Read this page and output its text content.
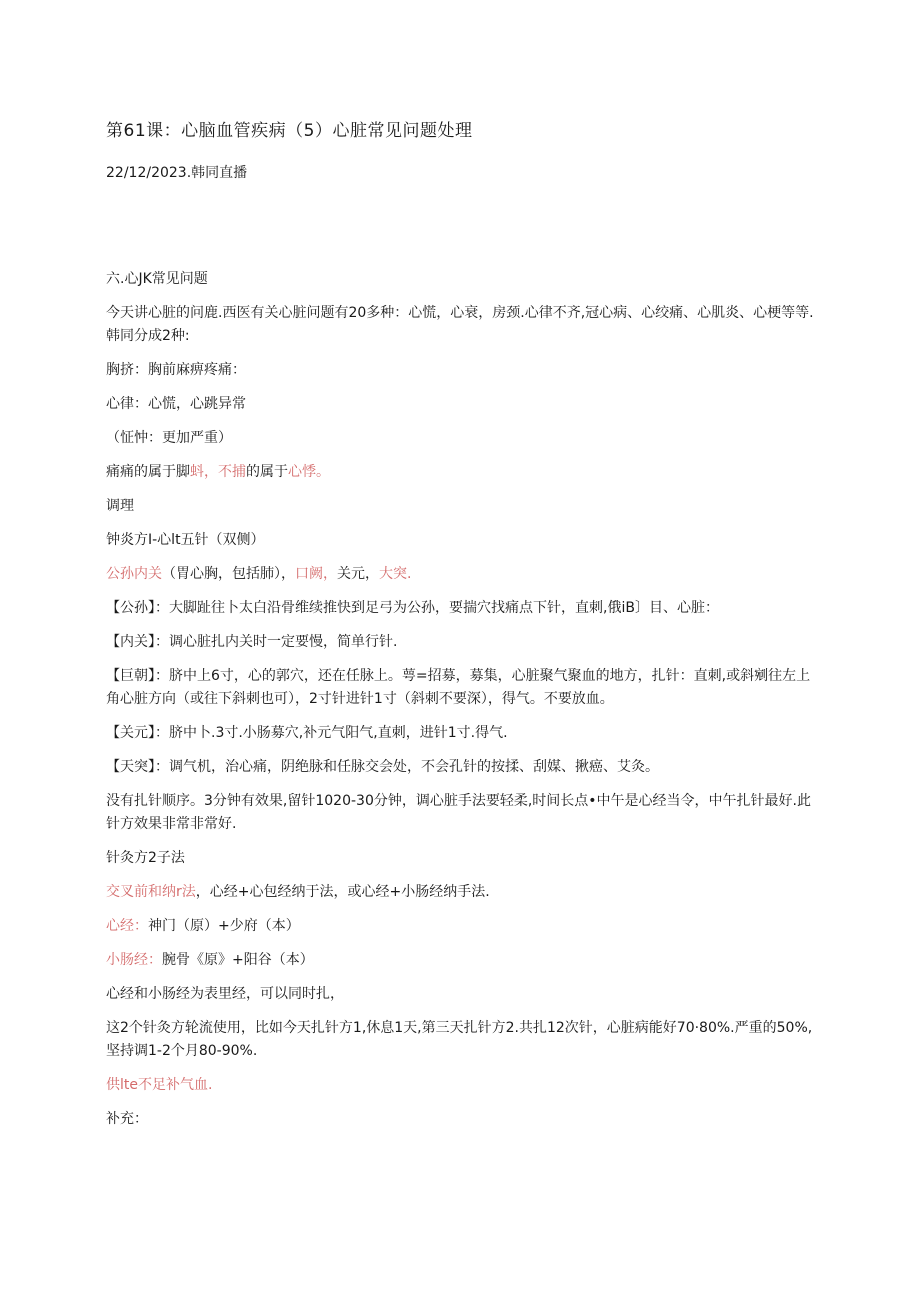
第61课：心脑血管疾病（5）心脏常见问题处理
22/12/2023.韩同直播
六.心JK常见问题
今天讲心脏的问鹿.西医有关心脏问题有20多种：心慌，心衰，房颈.心律不齐,冠心病、心绞痛、心肌炎、心梗等等.韩同分成2种:
胸挤：胸前麻痹疼痛：
心律：心慌，心跳异常
（怔忡：更加严重）
痛痛的属于脚蚪，不捕的属于心悸。
调理
钟炎方I-心lt五针（双侧）
公孙内关（胃心胸，包括肺），口阙，关元，大突.
【公孙】：大脚趾往卜太白沿骨维续推快到足弓为公孙，要揣穴找痛点下针，直刺,俄iB〕目、心脏：
【内关】：调心脏扎内关时一定要慢，简单行针.
【巨朝】：脐中上6寸，心的郭穴，还在任脉上。萼=招募，募集，心脏聚气聚血的地方，扎针：直刺,或斜剜往左上角心脏方向（或往下斜刺也可），2寸针进针1寸（斜刺不要深），得气。不要放血。
【关元】：脐中卜.3寸.小肠募穴,补元气阳气,直刺，进针1寸.得气.
【天突】：调气机，治心痛，阴绝脉和任脉交会处，不会孔针的按揉、刮媒、揪癌、艾灸。
没有扎针顺序。3分钟有效果,留针1020-30分钟，调心脏手法要轻柔,时间长点•中午是心经当令，中午扎针最好.此针方效果非常非常好.
针灸方2子法
交叉前和纳r法，心经+心包经纳于法，或心经+小肠经纳手法.
心经：神门（原）+少府（本）
小肠经：腕骨《原》+阳谷（本）
心经和小肠经为表里经，可以同时扎，
这2个针灸方轮流使用，比如今天扎针方1,休息1天,第三天扎针方2.共扎12次针，心脏病能好70·80%.严重的50%,坚持调1-2个月80-90%.
供lte不足补气血.
补充：
